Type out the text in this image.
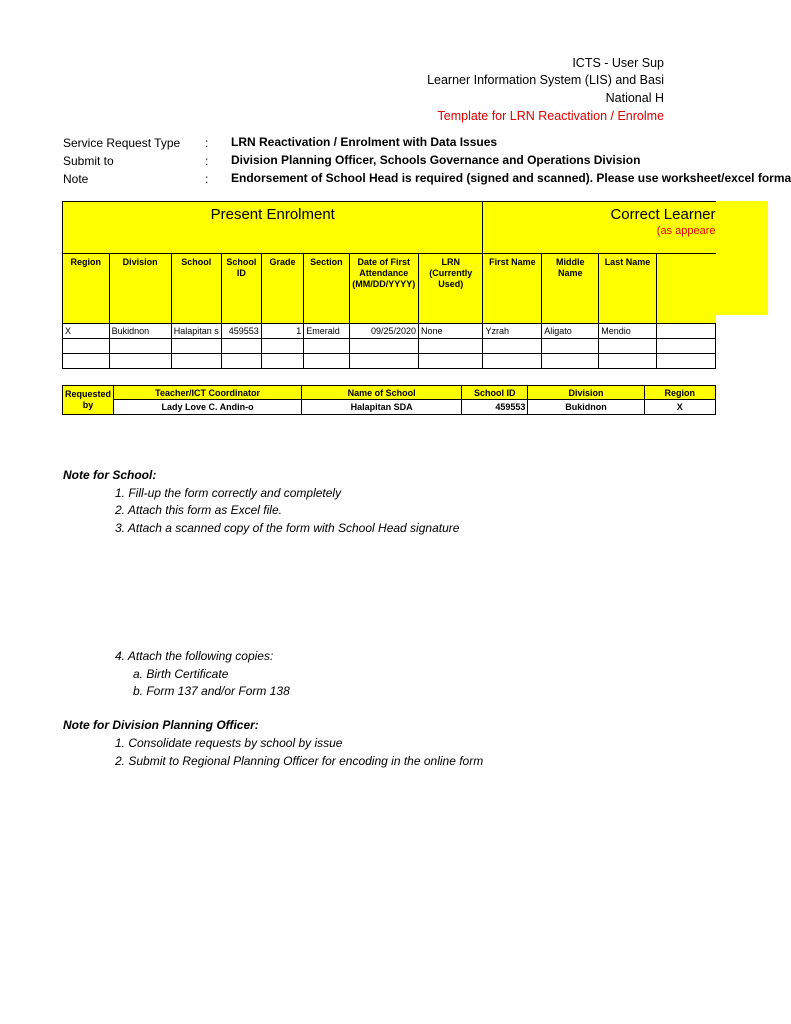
ICTS - User Sup
Learner Information System (LIS) and Basi
National H
Template for LRN Reactivation / Enrolme
Service Request Type : LRN Reactivation / Enrolment with Data Issues
Submit to	: Division Planning Officer, Schools Governance and Operations Division
Note	: Endorsement of School Head is required (signed and scanned). Please use worksheet/excel forma
Present Enrolment								Correct Learner
(as appeare			

Region	Division	School	School ID	Grade	Section	Date of First Attendance (MM/DD/YYYY)	LRN (Currently Used)	First Name	Middle Name	Last Name	
X	Bukidnon	Halapitan s	459553	1	Emerald	09/25/2020	None	Yzrah	Aligato	Mendio	

Requested by	Teacher/ICT Coordinator	Name of School	School ID	Division	Region
	Lady Love C. Andin-o	Halapitan SDA	459553	Bukidnon	X
Note for School:
1. Fill-up the form correctly and completely
2. Attach this form as Excel file.
3. Attach a scanned copy of the form with School Head signature
4. Attach the following copies:
a. Birth Certificate
b. Form 137 and/or Form 138
Note for Division Planning Officer:
1. Consolidate requests by school by issue
2. Submit to Regional Planning Officer for encoding in the online form
